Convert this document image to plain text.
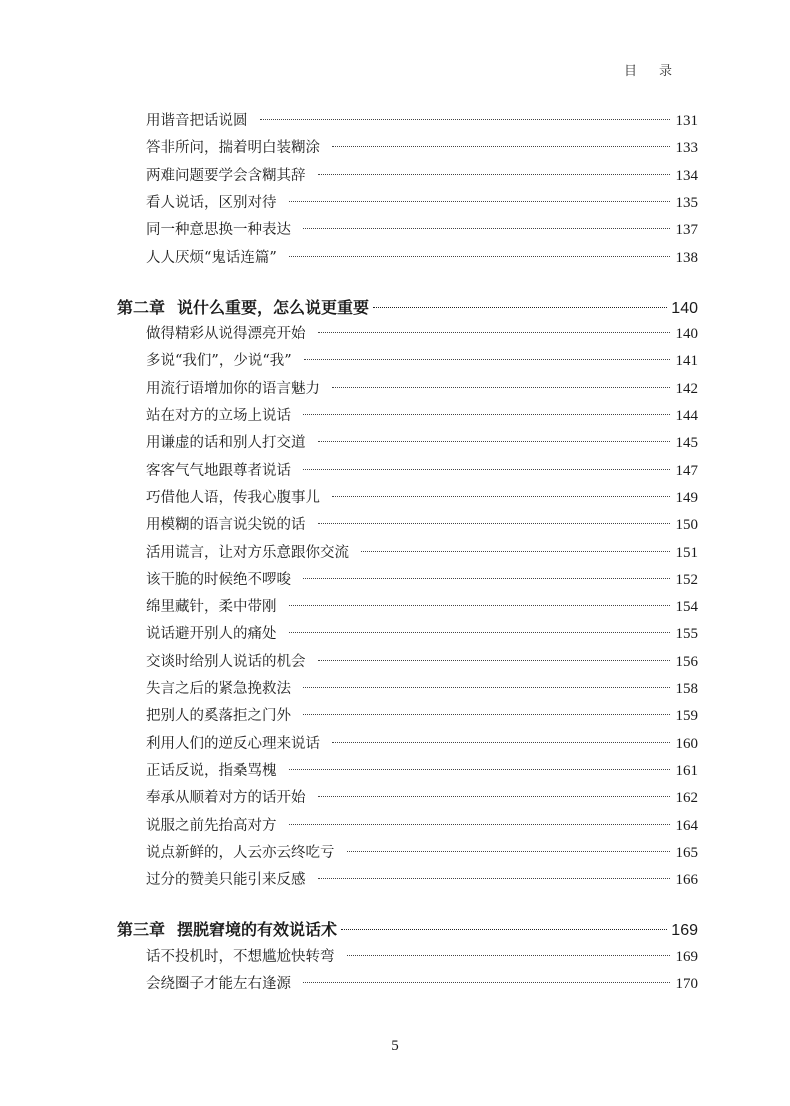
目录
用谐音把话说圆	131
答非所问，揣着明白装糊涂	133
两难问题要学会含糊其辞	134
看人说话，区别对待	135
同一种意思换一种表达	137
人人厌烦“鬼话连篇”	138
第二章 说什么重要，怎么说更重要	140
做得精彩从说得漂亮开始	140
多说“我们”，少说“我”	141
用流行语增加你的语言魅力	142
站在对方的立场上说话	144
用谦虚的话和别人打交道	145
客客气气地跟尊者说话	147
巧借他人语，传我心腹事儿	149
用模糊的语言说尖锐的话	150
活用谎言，让对方乐意跟你交流	151
该干脆的时候绝不啰唆	152
绵里藏针，柔中带刚	154
说话避开别人的痛处	155
交谈时给别人说话的机会	156
失言之后的紧急挽救法	158
把别人的奚落拒之门外	159
利用人们的逆反心理来说话	160
正话反说，指桑骂槐	161
奉承从顺着对方的话开始	162
说服之前先抬高对方	164
说点新鲜的，人云亦云终吃亏	165
过分的赞美只能引来反感	166
第三章 摆脱窘境的有效说话术	169
话不投机时，不想尴尬快转弯	169
会绕圈子才能左右逢源	170
5
